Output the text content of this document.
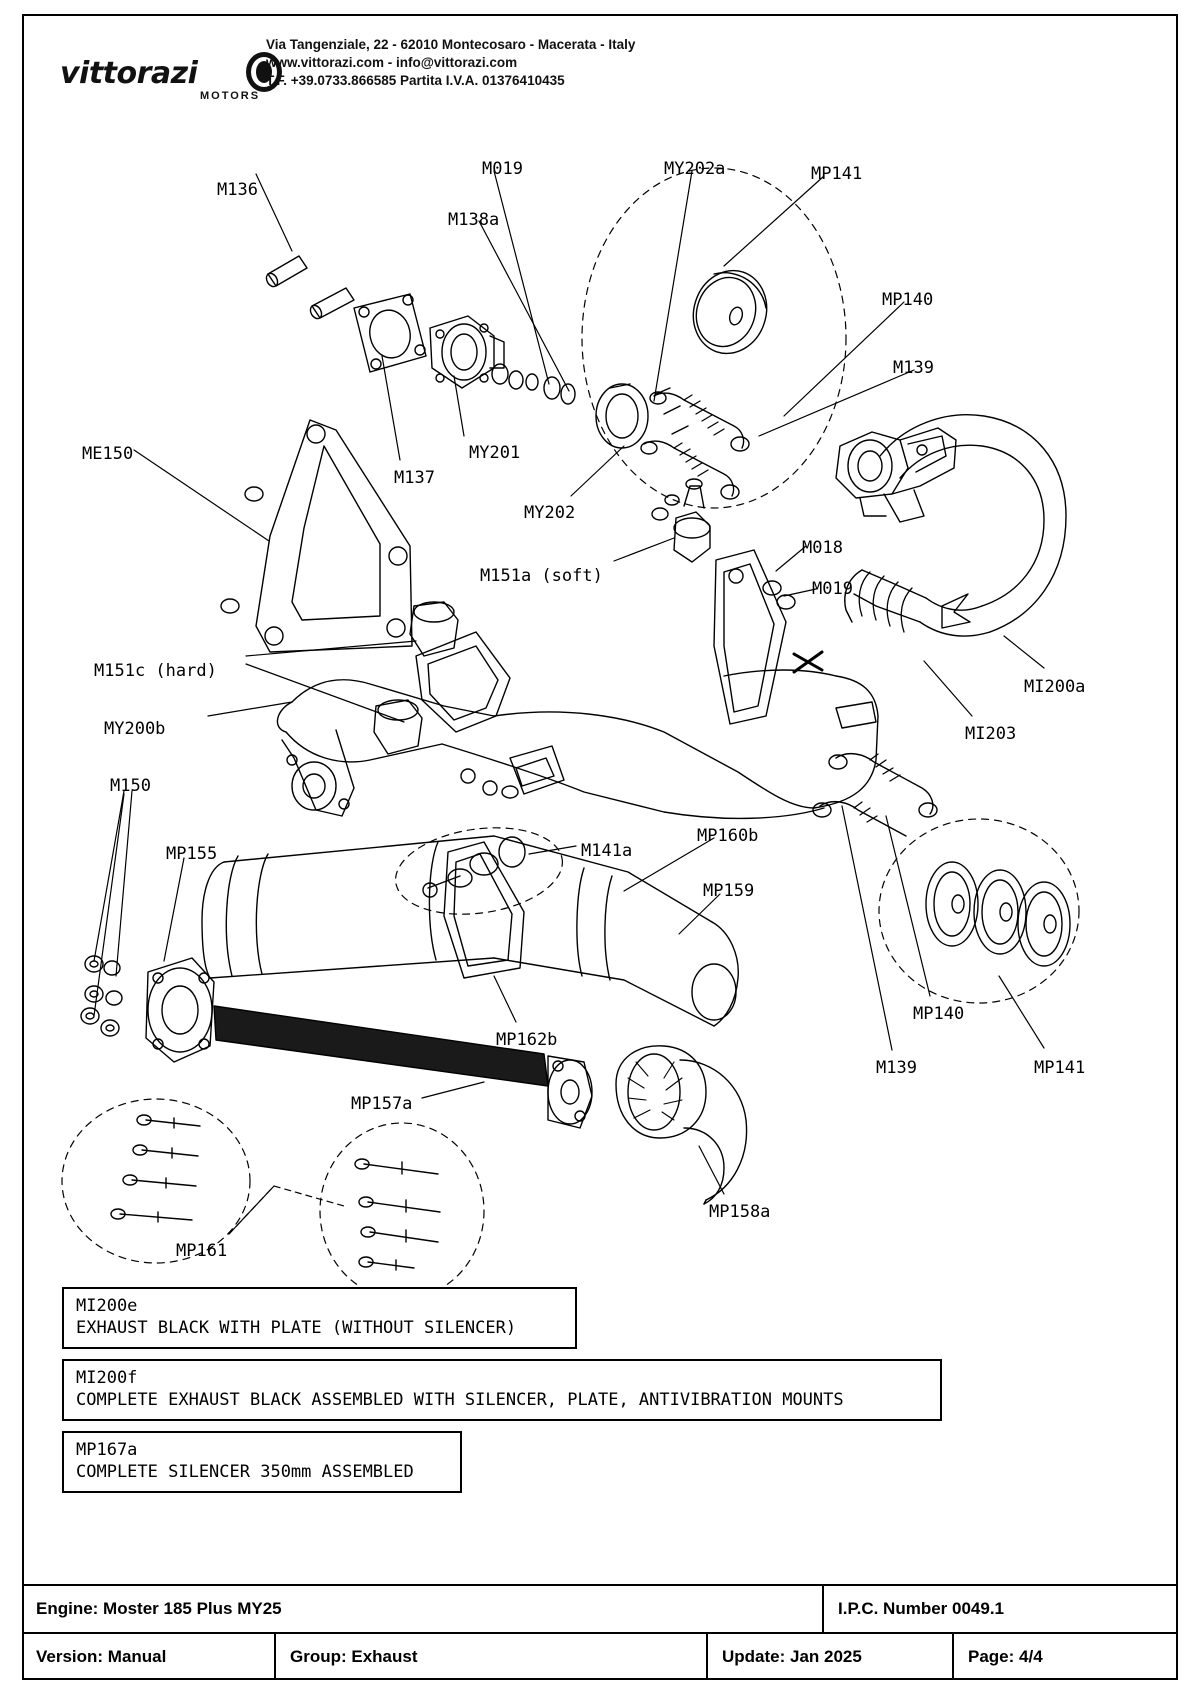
vittorazi
MOTORS
Via Tangenziale, 22 - 62010 Montecosaro - Macerata - Italy
www.vittorazi.com - info@vittorazi.com
T.F. +39.0733.866585 Partita I.V.A. 01376410435
M136
M019	MY202a	MP141
M138a
MP140
M139
ME150	MY201
M137
MY202
M151a (soft)
M018
M019
M151c (hard)
MI200a
MY200b	MI203
M150
MP160b
MP155	M141a
MP159
MP162b
MP140
M139	MP141
MP157a
MP161
MP158a
MI200e
EXHAUST BLACK WITH PLATE (WITHOUT SILENCER)
MI200f
COMPLETE EXHAUST BLACK ASSEMBLED WITH SILENCER, PLATE, ANTIVIBRATION MOUNTS
MP167a
COMPLETE SILENCER 350mm ASSEMBLED
Engine: Moster 185 Plus MY25	I.P.C. Number 0049.1
Version: Manual	Group: Exhaust	Update: Jan 2025	Page: 4/4
